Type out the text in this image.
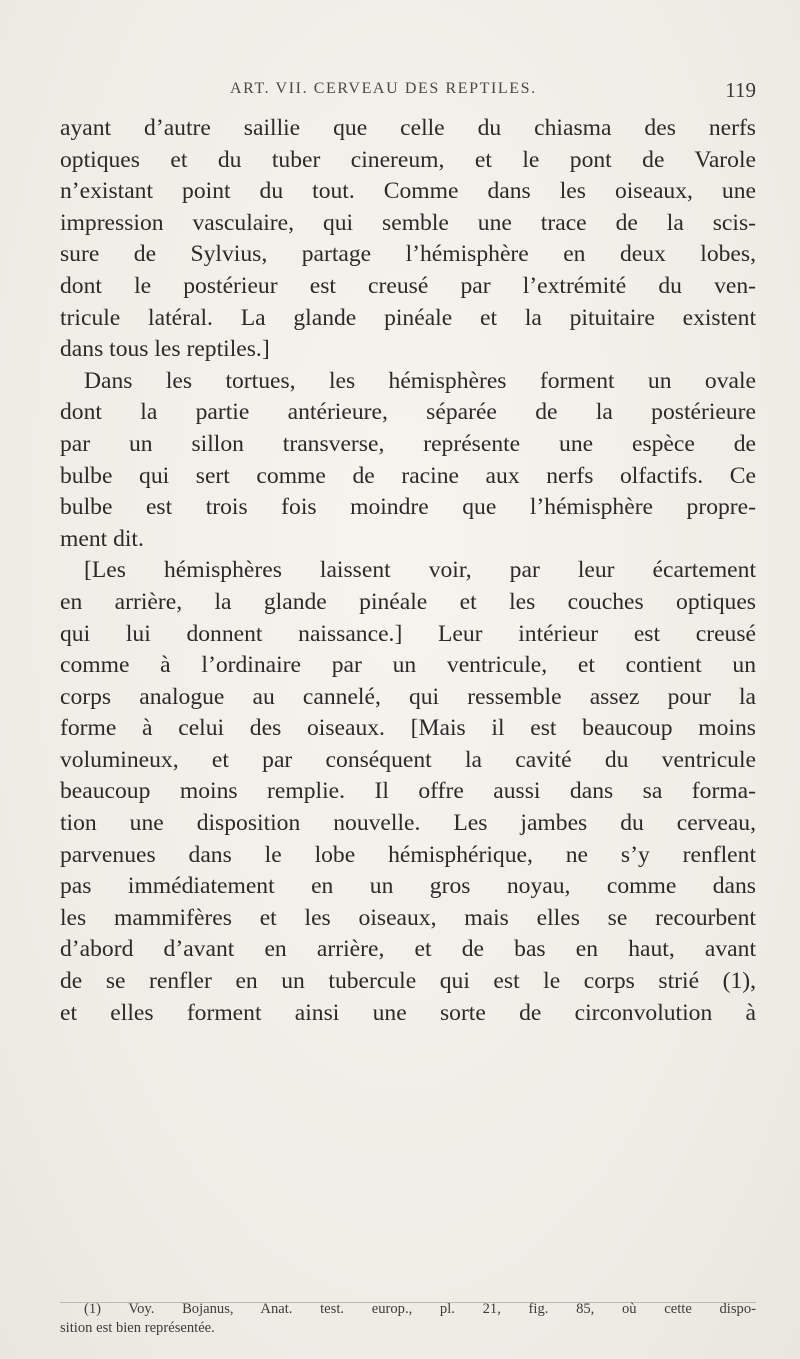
ART. VII. CERVEAU DES REPTILES.	119
ayant d’autre saillie que celle du chiasma des nerfs
optiques et du tuber cinereum, et le pont de Varole
n’existant point du tout. Comme dans les oiseaux, une
impression vasculaire, qui semble une trace de la scis-
sure de Sylvius, partage l’hémisphère en deux lobes,
dont le postérieur est creusé par l’extrémité du ven-
tricule latéral. La glande pinéale et la pituitaire existent
dans tous les reptiles.]
Dans les tortues, les hémisphères forment un ovale
dont la partie antérieure, séparée de la postérieure
par un sillon transverse, représente une espèce de
bulbe qui sert comme de racine aux nerfs olfactifs. Ce
bulbe est trois fois moindre que l’hémisphère propre-
ment dit.
[Les hémisphères laissent voir, par leur écartement
en arrière, la glande pinéale et les couches optiques
qui lui donnent naissance.] Leur intérieur est creusé
comme à l’ordinaire par un ventricule, et contient un
corps analogue au cannelé, qui ressemble assez pour la
forme à celui des oiseaux. [Mais il est beaucoup moins
volumineux, et par conséquent la cavité du ventricule
beaucoup moins remplie. Il offre aussi dans sa forma-
tion une disposition nouvelle. Les jambes du cerveau,
parvenues dans le lobe hémisphérique, ne s’y renflent
pas immédiatement en un gros noyau, comme dans
les mammifères et les oiseaux, mais elles se recourbent
d’abord d’avant en arrière, et de bas en haut, avant
de se renfler en un tubercule qui est le corps strié (1),
et elles forment ainsi une sorte de circonvolution à
(1) Voy. Bojanus, Anat. test. europ., pl. 21, fig. 85, où cette dispo-
sition est bien représentée.
